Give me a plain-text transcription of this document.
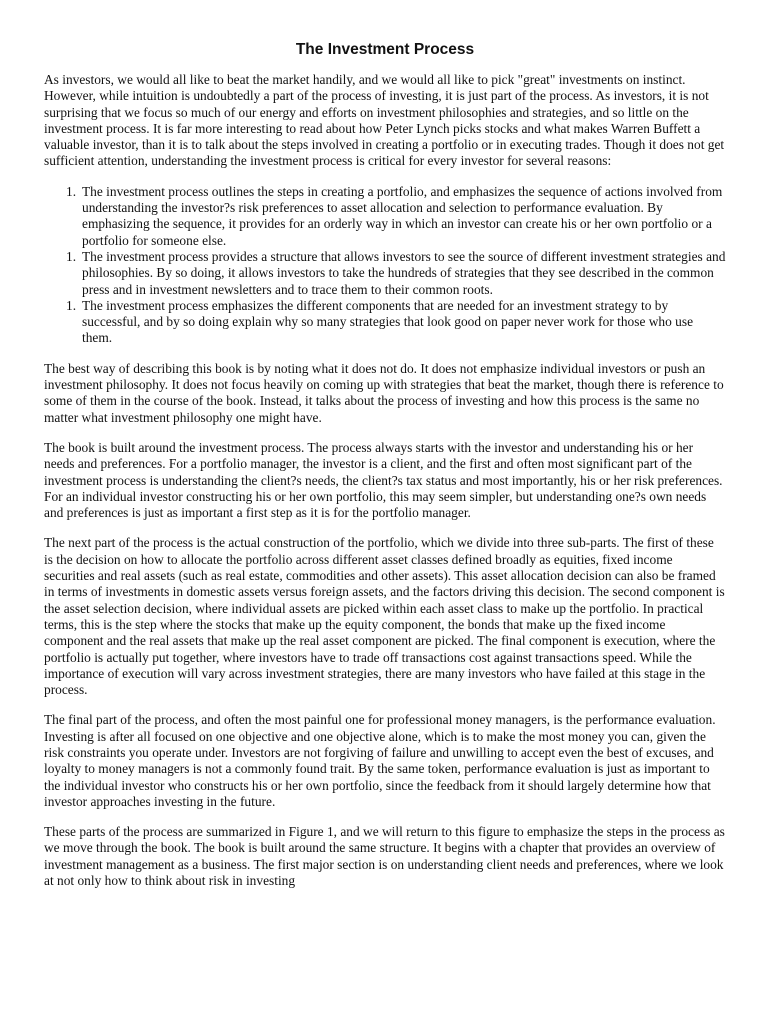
The Investment Process

As investors, we would all like to beat the market handily, and we would all like to pick "great" investments on instinct. However, while intuition is undoubtedly a part of the process of investing, it is just part of the process. As investors, it is not surprising that we focus so much of our energy and efforts on investment philosophies and strategies, and so little on the investment process. It is far more interesting to read about how Peter Lynch picks stocks and what makes Warren Buffett a valuable investor, than it is to talk about the steps involved in creating a portfolio or in executing trades. Though it does not get sufficient attention, understanding the investment process is critical for every investor for several reasons:

1. The investment process outlines the steps in creating a portfolio, and emphasizes the sequence of actions involved from understanding the investor?s risk preferences to asset allocation and selection to performance evaluation. By emphasizing the sequence, it provides for an orderly way in which an investor can create his or her own portfolio or a portfolio for someone else.
1. The investment process provides a structure that allows investors to see the source of different investment strategies and philosophies. By so doing, it allows investors to take the hundreds of strategies that they see described in the common press and in investment newsletters and to trace them to their common roots.
1. The investment process emphasizes the different components that are needed for an investment strategy to by successful, and by so doing explain why so many strategies that look good on paper never work for those who use them.

The best way of describing this book is by noting what it does not do. It does not emphasize individual investors or push an investment philosophy. It does not focus heavily on coming up with strategies that beat the market, though there is reference to some of them in the course of the book. Instead, it talks about the process of investing and how this process is the same no matter what investment philosophy one might have.

The book is built around the investment process. The process always starts with the investor and understanding his or her needs and preferences. For a portfolio manager, the investor is a client, and the first and often most significant part of the investment process is understanding the client?s needs, the client?s tax status and most importantly, his or her risk preferences. For an individual investor constructing his or her own portfolio, this may seem simpler, but understanding one?s own needs and preferences is just as important a first step as it is for the portfolio manager.

The next part of the process is the actual construction of the portfolio, which we divide into three sub-parts. The first of these is the decision on how to allocate the portfolio across different asset classes defined broadly as equities, fixed income securities and real assets (such as real estate, commodities and other assets). This asset allocation decision can also be framed in terms of investments in domestic assets versus foreign assets, and the factors driving this decision. The second component is the asset selection decision, where individual assets are picked within each asset class to make up the portfolio. In practical terms, this is the step where the stocks that make up the equity component, the bonds that make up the fixed income component and the real assets that make up the real asset component are picked. The final component is execution, where the portfolio is actually put together, where investors have to trade off transactions cost against transactions speed. While the importance of execution will vary across investment strategies, there are many investors who have failed at this stage in the process.

The final part of the process, and often the most painful one for professional money managers, is the performance evaluation. Investing is after all focused on one objective and one objective alone, which is to make the most money you can, given the risk constraints you operate under. Investors are not forgiving of failure and unwilling to accept even the best of excuses, and loyalty to money managers is not a commonly found trait. By the same token, performance evaluation is just as important to the individual investor who constructs his or her own portfolio, since the feedback from it should largely determine how that investor approaches investing in the future.

These parts of the process are summarized in Figure 1, and we will return to this figure to emphasize the steps in the process as we move through the book. The book is built around the same structure. It begins with a chapter that provides an overview of investment management as a business. The first major section is on understanding client needs and preferences, where we look at not only how to think about risk in investing
